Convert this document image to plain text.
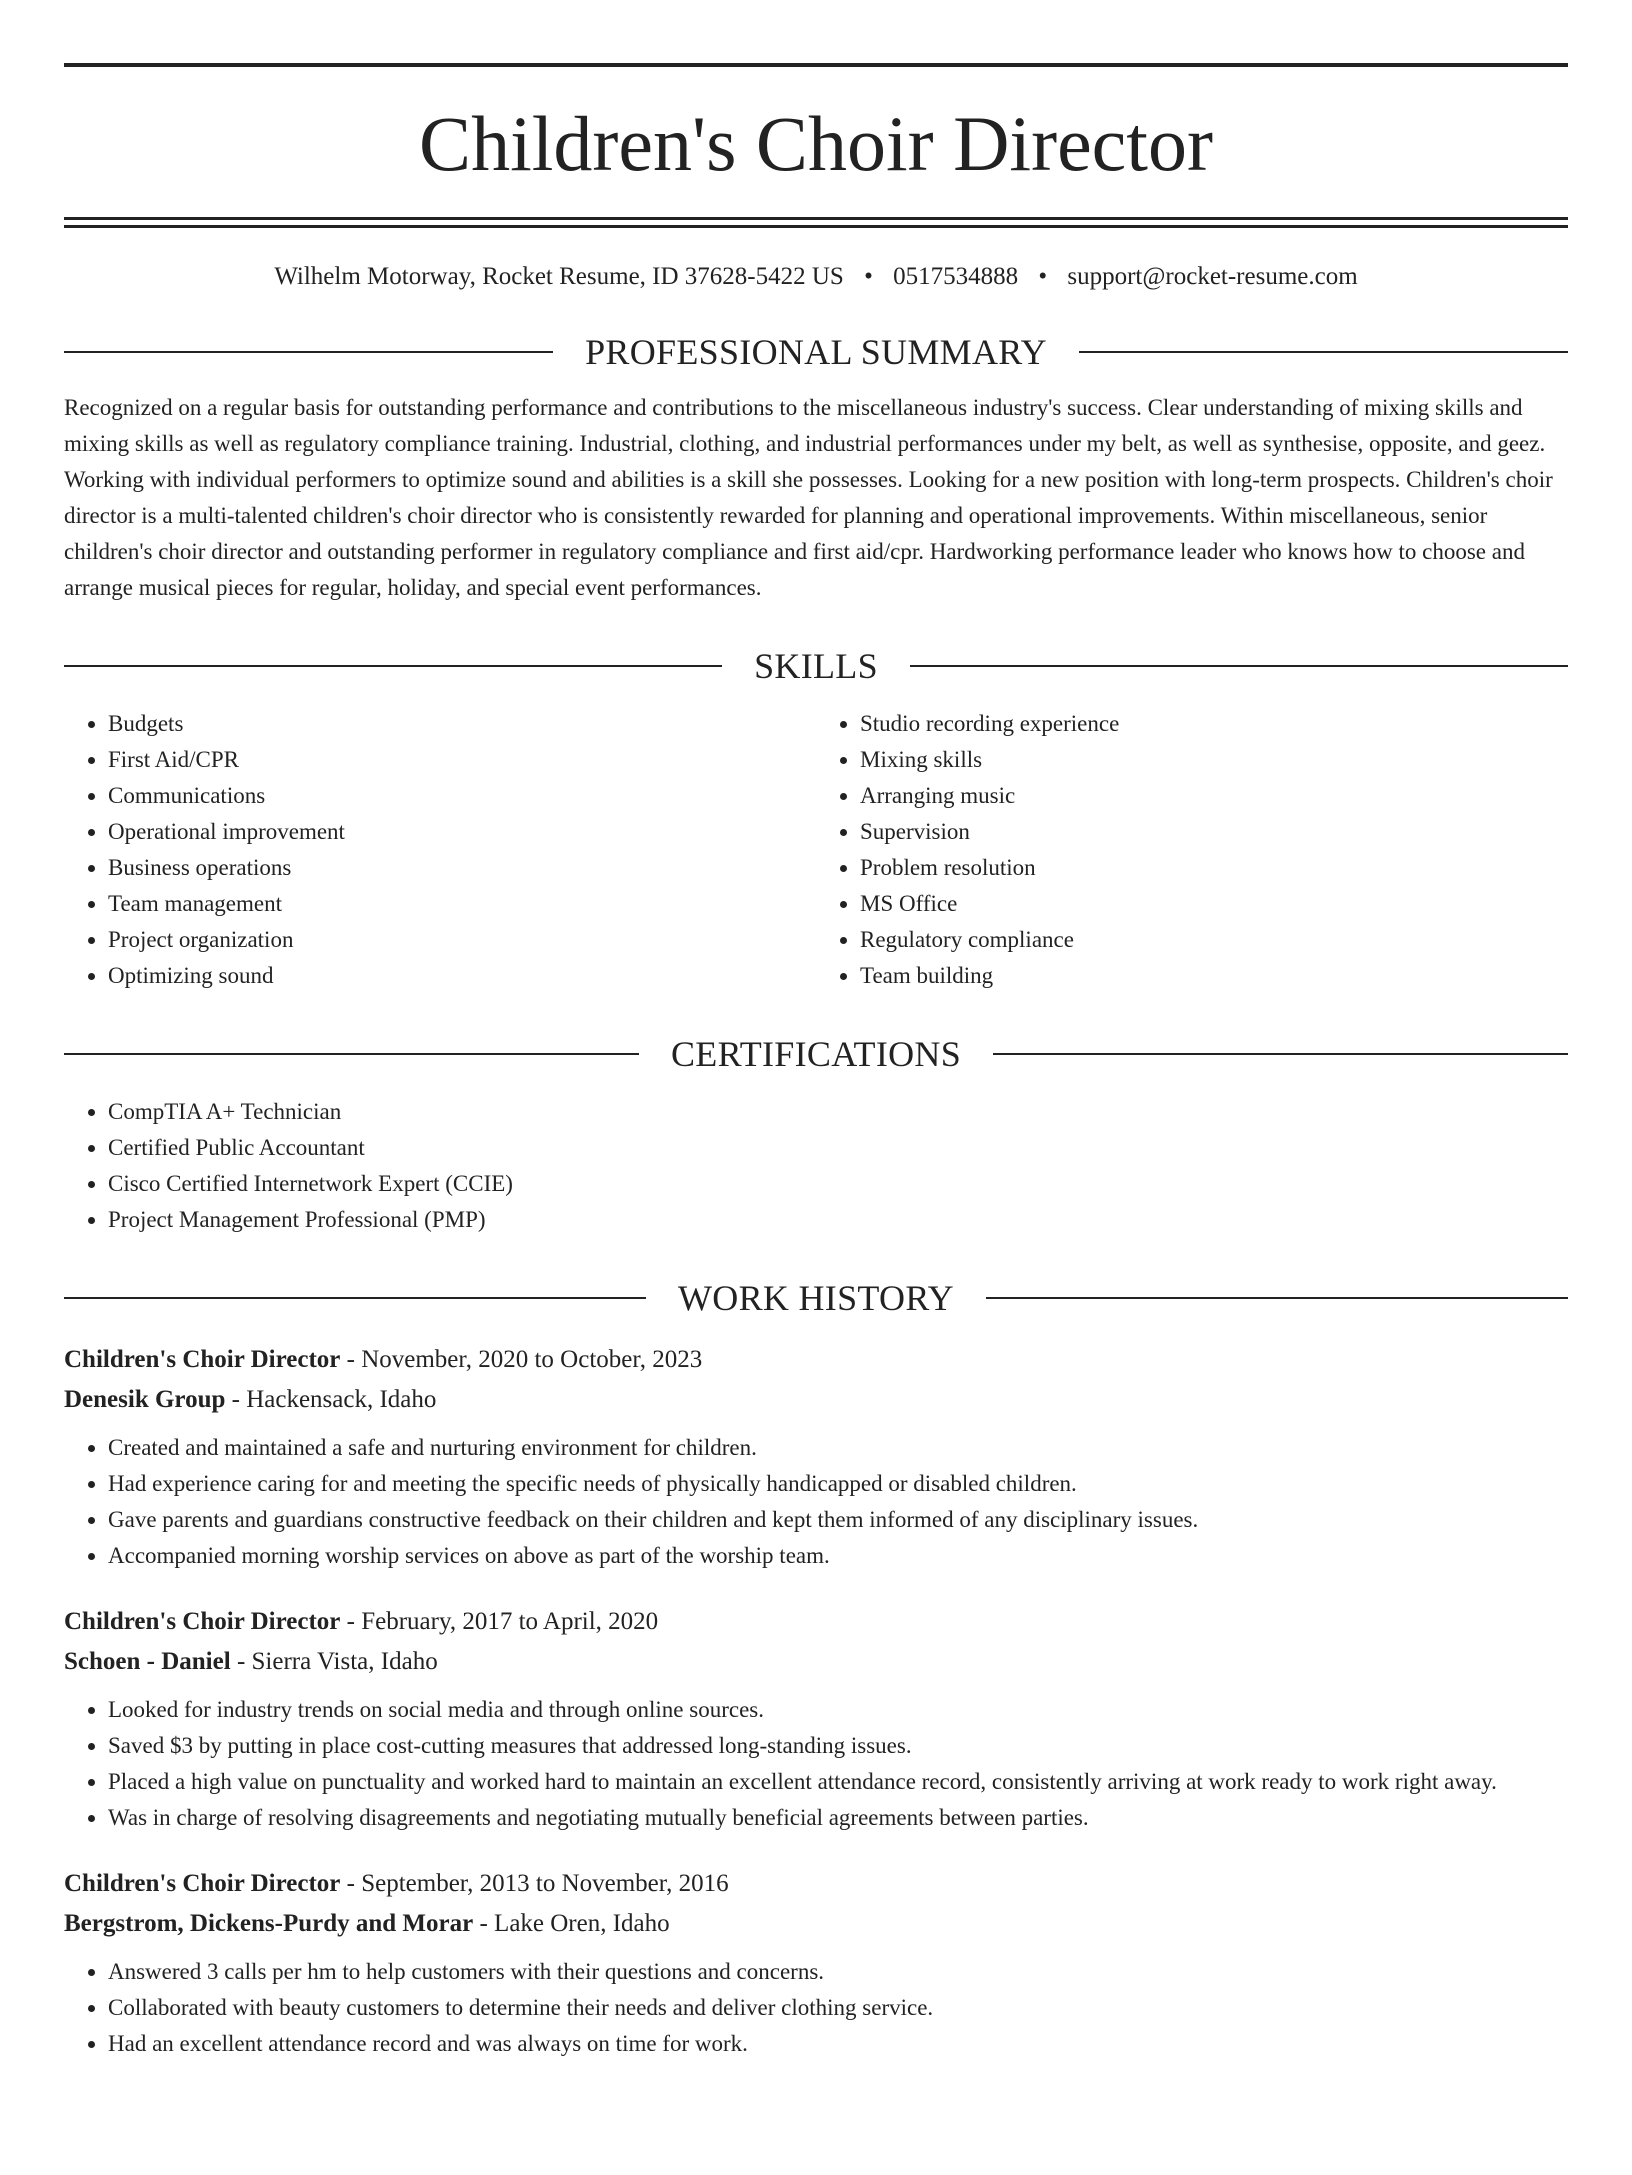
Children's Choir Director
Wilhelm Motorway, Rocket Resume, ID 37628-5422 US • 0517534888 • support@rocket-resume.com
PROFESSIONAL SUMMARY

Recognized on a regular basis for outstanding performance and contributions to the miscellaneous industry's success. Clear understanding of mixing skills and mixing skills as well as regulatory compliance training. Industrial, clothing, and industrial performances under my belt, as well as synthesise, opposite, and geez. Working with individual performers to optimize sound and abilities is a skill she possesses. Looking for a new position with long-term prospects. Children's choir director is a multi-talented children's choir director who is consistently rewarded for planning and operational improvements. Within miscellaneous, senior children's choir director and outstanding performer in regulatory compliance and first aid/cpr. Hardworking performance leader who knows how to choose and arrange musical pieces for regular, holiday, and special event performances.

SKILLS
• Budgets
• First Aid/CPR
• Communications
• Operational improvement
• Business operations
• Team management
• Project organization
• Optimizing sound
• Studio recording experience
• Mixing skills
• Arranging music
• Supervision
• Problem resolution
• MS Office
• Regulatory compliance
• Team building
CERTIFICATIONS
• CompTIA A+ Technician
• Certified Public Accountant
• Cisco Certified Internetwork Expert (CCIE)
• Project Management Professional (PMP)
WORK HISTORY
Children's Choir Director - November, 2020 to October, 2023
Denesik Group - Hackensack, Idaho
• Created and maintained a safe and nurturing environment for children.
• Had experience caring for and meeting the specific needs of physically handicapped or disabled children.
• Gave parents and guardians constructive feedback on their children and kept them informed of any disciplinary issues.
• Accompanied morning worship services on above as part of the worship team.
Children's Choir Director - February, 2017 to April, 2020
Schoen - Daniel - Sierra Vista, Idaho
• Looked for industry trends on social media and through online sources.
• Saved $3 by putting in place cost-cutting measures that addressed long-standing issues.
• Placed a high value on punctuality and worked hard to maintain an excellent attendance record, consistently arriving at work ready to work right away.
• Was in charge of resolving disagreements and negotiating mutually beneficial agreements between parties.
Children's Choir Director - September, 2013 to November, 2016
Bergstrom, Dickens-Purdy and Morar - Lake Oren, Idaho
• Answered 3 calls per hm to help customers with their questions and concerns.
• Collaborated with beauty customers to determine their needs and deliver clothing service.
• Had an excellent attendance record and was always on time for work.
